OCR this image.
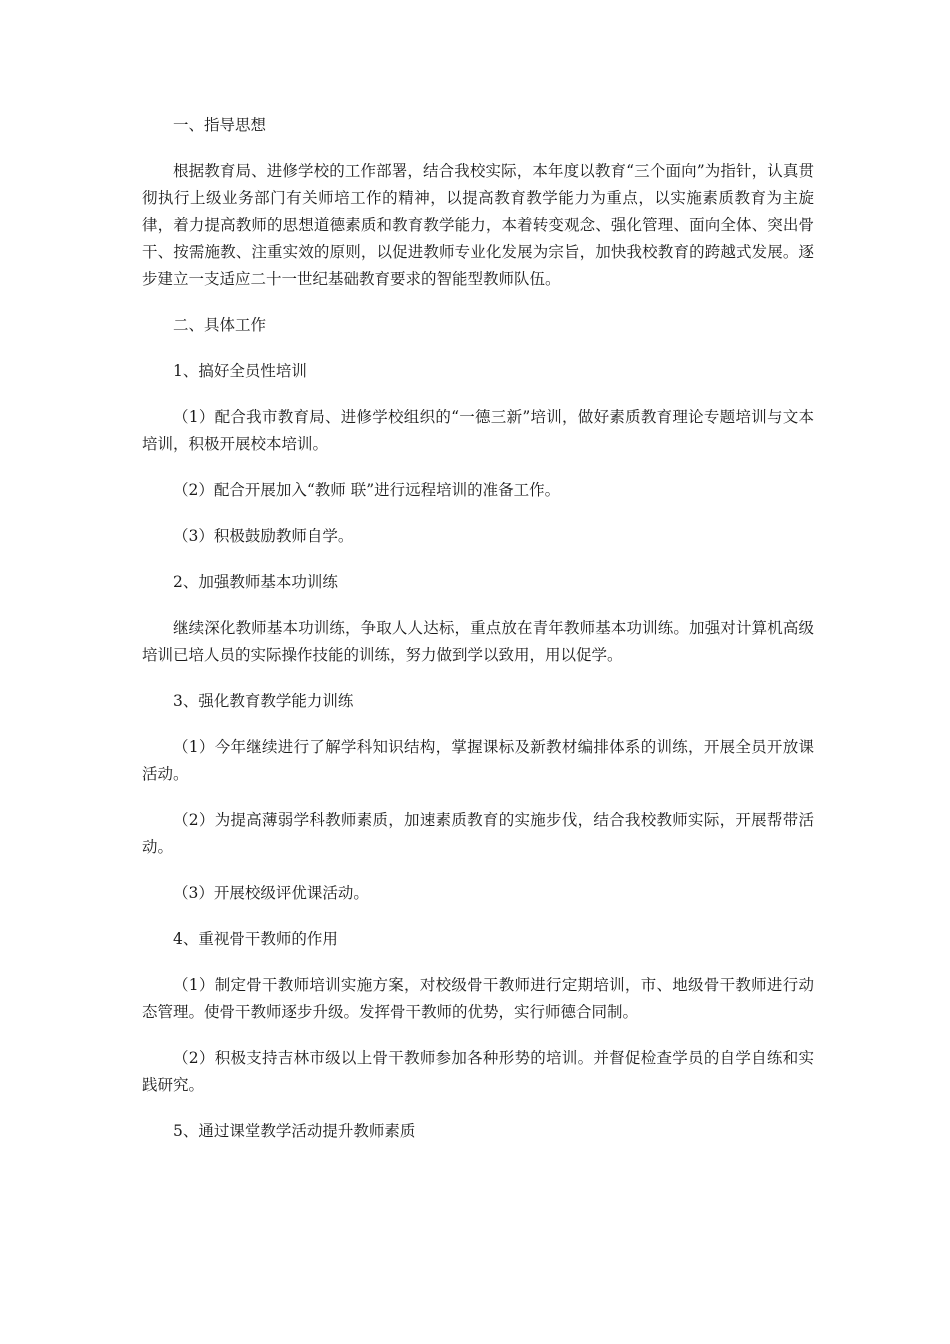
一、指导思想

根据教育局、进修学校的工作部署，结合我校实际，本年度以教育“三个面向”为指针，认真贯彻执行上级业务部门有关师培工作的精神，以提高教育教学能力为重点，以实施素质教育为主旋律，着力提高教师的思想道德素质和教育教学能力，本着转变观念、强化管理、面向全体、突出骨干、按需施教、注重实效的原则，以促进教师专业化发展为宗旨，加快我校教育的跨越式发展。逐步建立一支适应二十一世纪基础教育要求的智能型教师队伍。

二、具体工作

1、搞好全员性培训

（1）配合我市教育局、进修学校组织的“一德三新”培训，做好素质教育理论专题培训与文本培训，积极开展校本培训。

（2）配合开展加入“教师 联”进行远程培训的准备工作。

（3）积极鼓励教师自学。

2、加强教师基本功训练

继续深化教师基本功训练，争取人人达标，重点放在青年教师基本功训练。加强对计算机高级培训已培人员的实际操作技能的训练，努力做到学以致用，用以促学。

3、强化教育教学能力训练

（1）今年继续进行了解学科知识结构，掌握课标及新教材编排体系的训练，开展全员开放课活动。

（2）为提高薄弱学科教师素质，加速素质教育的实施步伐，结合我校教师实际，开展帮带活动。

（3）开展校级评优课活动。

4、重视骨干教师的作用

（1）制定骨干教师培训实施方案，对校级骨干教师进行定期培训，市、地级骨干教师进行动态管理。使骨干教师逐步升级。发挥骨干教师的优势，实行师德合同制。

（2）积极支持吉林市级以上骨干教师参加各种形势的培训。并督促检查学员的自学自练和实践研究。

5、通过课堂教学活动提升教师素质
